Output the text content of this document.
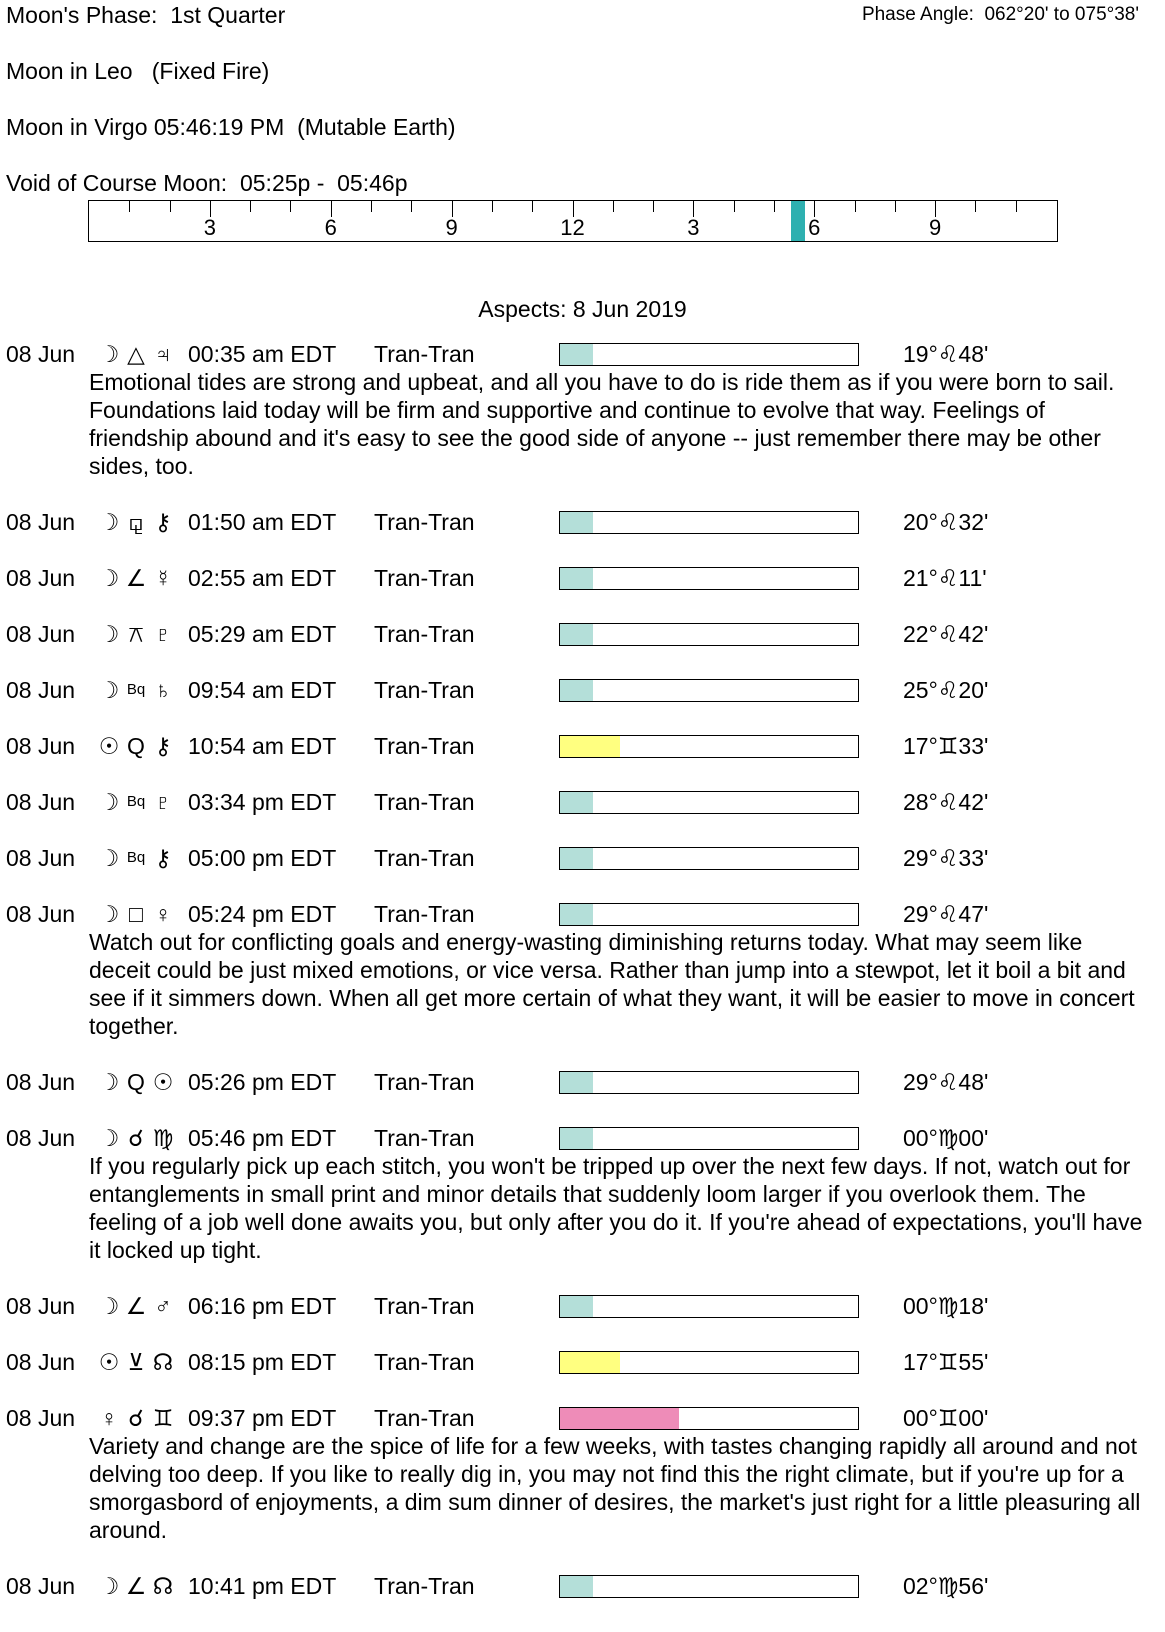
Moon's Phase:  1st Quarter	Phase Angle:  062°20' to 075°38'
Moon in Leo   (Fixed Fire)
Moon in Virgo 05:46:19 PM  (Mutable Earth)
Void of Course Moon:  05:25p -  05:46p
3	6	9	12	3	6	9
Aspects: 8 Jun 2019
08 Jun ☽ △ ♃ 00:35 am EDT Tran-Tran	19°♌48'
Emotional tides are strong and upbeat, and all you have to do is ride them as if you were born to sail. Foundations laid today will be firm and supportive and continue to evolve that way. Feelings of friendship abound and it's easy to see the good side of anyone -- just remember there may be other sides, too.
08 Jun ☽ ⚼ ⚷ 01:50 am EDT Tran-Tran	20°♌32'
08 Jun ☽ ∠ ☿ 02:55 am EDT Tran-Tran	21°♌11'
08 Jun ☽ ⚻ ♇ 05:29 am EDT Tran-Tran	22°♌42'
08 Jun ☽ Bq ♄ 09:54 am EDT Tran-Tran	25°♌20'
08 Jun ☉ Q ⚷ 10:54 am EDT Tran-Tran	17°♊33'
08 Jun ☽ Bq ♇ 03:34 pm EDT Tran-Tran	28°♌42'
08 Jun ☽ Bq ⚷ 05:00 pm EDT Tran-Tran	29°♌33'
08 Jun ☽ □ ♀ 05:24 pm EDT Tran-Tran	29°♌47'
Watch out for conflicting goals and energy-wasting diminishing returns today. What may seem like deceit could be just mixed emotions, or vice versa. Rather than jump into a stewpot, let it boil a bit and see if it simmers down. When all get more certain of what they want, it will be easier to move in concert together.
08 Jun ☽ Q ☉ 05:26 pm EDT Tran-Tran	29°♌48'
08 Jun ☽ ☌ ♍ 05:46 pm EDT Tran-Tran	00°♍00'
If you regularly pick up each stitch, you won't be tripped up over the next few days. If not, watch out for entanglements in small print and minor details that suddenly loom larger if you overlook them. The feeling of a job well done awaits you, but only after you do it. If you're ahead of expectations, you'll have it locked up tight.
08 Jun ☽ ∠ ♂ 06:16 pm EDT Tran-Tran	00°♍18'
08 Jun ☉ ⊻ ☊ 08:15 pm EDT Tran-Tran	17°♊55'
08 Jun ♀ ☌ ♊ 09:37 pm EDT Tran-Tran	00°♊00'
Variety and change are the spice of life for a few weeks, with tastes changing rapidly all around and not delving too deep. If you like to really dig in, you may not find this the right climate, but if you're up for a smorgasbord of enjoyments, a dim sum dinner of desires, the market's just right for a little pleasuring all around.
08 Jun ☽ ∠ ☊ 10:41 pm EDT Tran-Tran	02°♍56'
